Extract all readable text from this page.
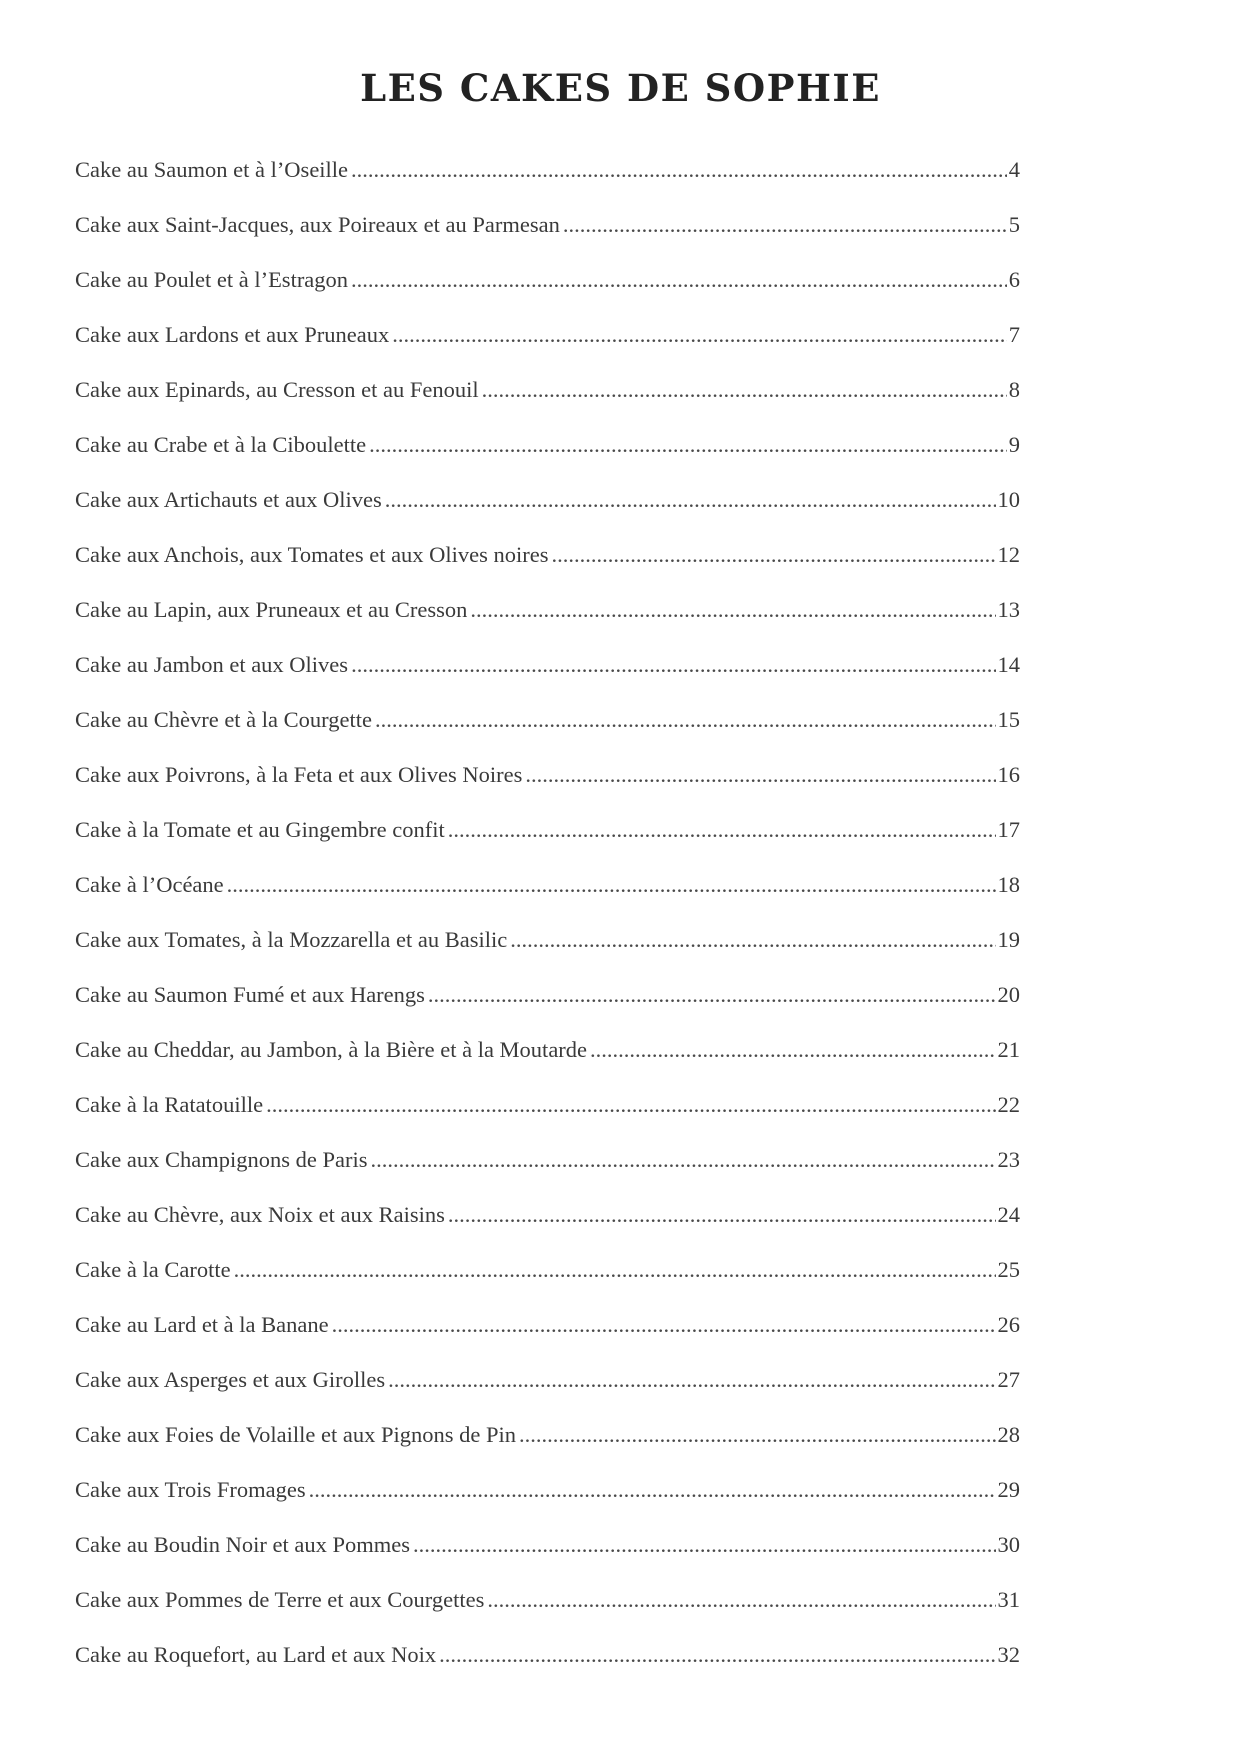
LES CAKES DE SOPHIE
Cake au Saumon et à l’Oseille .....	4
Cake aux Saint-Jacques, aux Poireaux et au Parmesan .....	5
Cake au Poulet et à l’Estragon .....	6
Cake aux Lardons et aux Pruneaux .....	7
Cake aux Epinards, au Cresson et au Fenouil .....	8
Cake au Crabe et à la Ciboulette .....	9
Cake aux Artichauts et aux Olives .....	10
Cake aux Anchois, aux Tomates et aux Olives noires .....	12
Cake au Lapin, aux Pruneaux et au Cresson .....	13
Cake au Jambon et aux Olives .....	14
Cake au Chèvre et à la Courgette .....	15
Cake aux Poivrons, à la Feta et aux Olives Noires .....	16
Cake à la Tomate et au Gingembre confit .....	17
Cake à l’Océane .....	18
Cake aux Tomates, à la Mozzarella et au Basilic .....	19
Cake au Saumon Fumé et aux Harengs .....	20
Cake au Cheddar, au Jambon, à la Bière et à la Moutarde .....	21
Cake à la Ratatouille .....	22
Cake aux Champignons de Paris .....	23
Cake au Chèvre, aux Noix et aux Raisins .....	24
Cake à la Carotte .....	25
Cake au Lard et à la Banane .....	26
Cake aux Asperges et aux Girolles .....	27
Cake aux Foies de Volaille et aux Pignons de Pin .....	28
Cake aux Trois Fromages .....	29
Cake au Boudin Noir et aux Pommes .....	30
Cake aux Pommes de Terre et aux Courgettes .....	31
Cake au Roquefort, au Lard et aux Noix .....	32
